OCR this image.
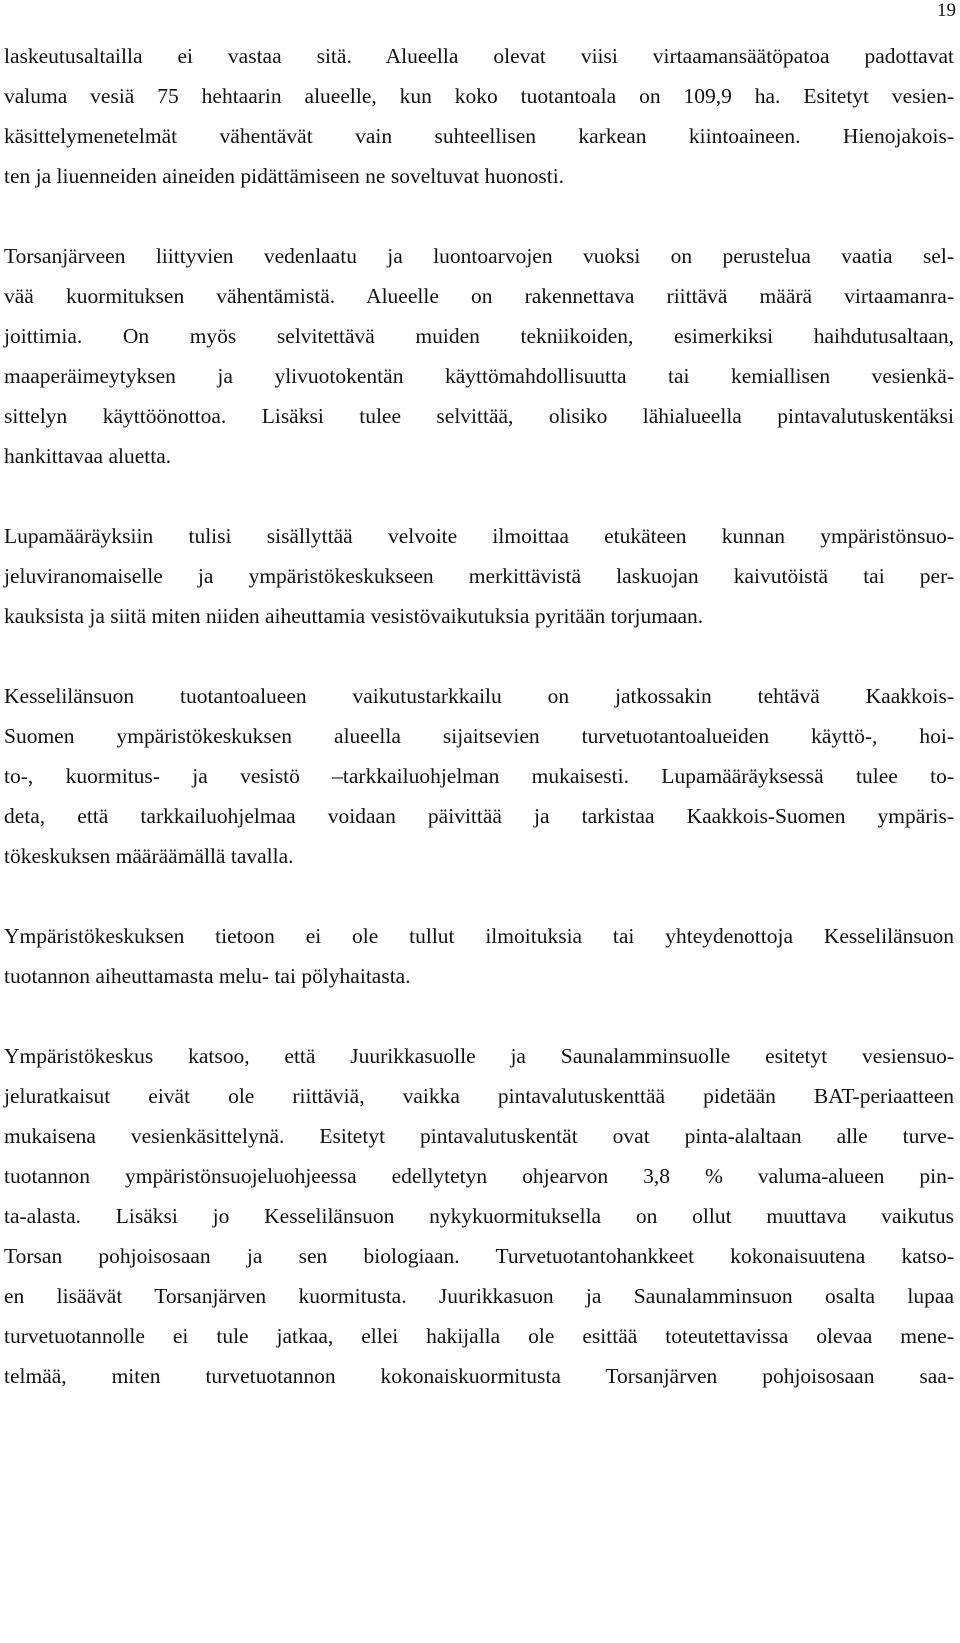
19
laskeutusaltailla ei vastaa sitä. Alueella olevat viisi virtaamansäätöpatoa padottavat
valuma vesiä 75 hehtaarin alueelle, kun koko tuotantoala on 109,9 ha. Esitetyt vesien-
käsittelymenetelmät vähentävät vain suhteellisen karkean kiintoaineen. Hienojakois-
ten ja liuenneiden aineiden pidättämiseen ne soveltuvat huonosti.
Torsanjärveen liittyvien vedenlaatu ja luontoarvojen vuoksi on perustelua vaatia sel-
vää kuormituksen vähentämistä. Alueelle on rakennettava riittävä määrä virtaamanra-
joittimia. On myös selvitettävä muiden tekniikoiden, esimerkiksi haihdutusaltaan,
maaperäimeytyksen ja ylivuotokentän käyttömahdollisuutta tai kemiallisen vesienkä-
sittelyn käyttöönottoa. Lisäksi tulee selvittää, olisiko lähialueella pintavalutuskentäksi
hankittavaa aluetta.
Lupamääräyksiin tulisi sisällyttää velvoite ilmoittaa etukäteen kunnan ympäristönsuo-
jeluviranomaiselle ja ympäristökeskukseen merkittävistä laskuojan kaivutöistä tai per-
kauksista ja siitä miten niiden aiheuttamia vesistövaikutuksia pyritään torjumaan.
Kesselilänsuon tuotantoalueen vaikutustarkkailu on jatkossakin tehtävä Kaakkois-
Suomen ympäristökeskuksen alueella sijaitsevien turvetuotantoalueiden käyttö-, hoi-
to-, kuormitus- ja vesistö –tarkkailuohjelman mukaisesti. Lupamääräyksessä tulee to-
deta, että tarkkailuohjelmaa voidaan päivittää ja tarkistaa Kaakkois-Suomen ympäris-
tökeskuksen määräämällä tavalla.
Ympäristökeskuksen tietoon ei ole tullut ilmoituksia tai yhteydenottoja Kesselilänsuon
tuotannon aiheuttamasta melu- tai pölyhaitasta.
Ympäristökeskus katsoo, että Juurikkasuolle ja Saunalamminsuolle esitetyt vesiensuo-
jeluratkaisut eivät ole riittäviä, vaikka pintavalutuskenttää pidetään BAT-periaatteen
mukaisena vesienkäsittelynä. Esitetyt pintavalutuskentät ovat pinta-alaltaan alle turve-
tuotannon ympäristönsuojeluohjeessa edellytetyn ohjearvon 3,8 % valuma-alueen pin-
ta-alasta. Lisäksi jo Kesselilänsuon nykykuormituksella on ollut muuttava vaikutus
Torsan pohjoisosaan ja sen biologiaan. Turvetuotantohankkeet kokonaisuutena katso-
en lisäävät Torsanjärven kuormitusta. Juurikkasuon ja Saunalamminsuon osalta lupaa
turvetuotannolle ei tule jatkaa, ellei hakijalla ole esittää toteutettavissa olevaa mene-
telmää, miten turvetuotannon kokonaiskuormitusta Torsanjärven pohjoisosaan saa-
